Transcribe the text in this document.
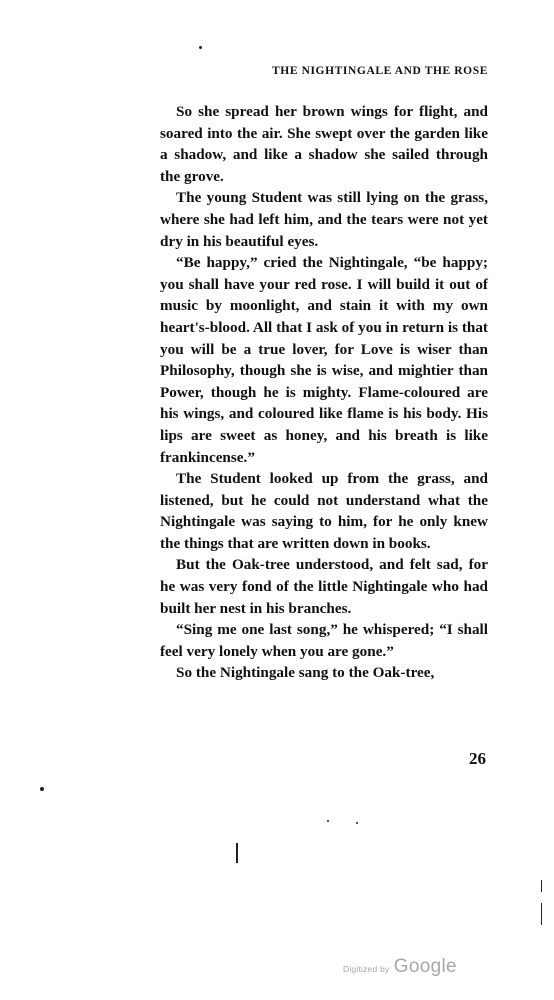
THE NIGHTINGALE AND THE ROSE

So she spread her brown wings for flight, and soared into the air. She swept over the garden like a shadow, and like a shadow she sailed through the grove.

The young Student was still lying on the grass, where she had left him, and the tears were not yet dry in his beautiful eyes.

“Be happy,” cried the Nightingale, “be happy; you shall have your red rose. I will build it out of music by moonlight, and stain it with my own heart's-blood. All that I ask of you in return is that you will be a true lover, for Love is wiser than Philosophy, though she is wise, and mightier than Power, though he is mighty. Flame-coloured are his wings, and coloured like flame is his body. His lips are sweet as honey, and his breath is like frankincense.”

The Student looked up from the grass, and listened, but he could not understand what the Nightingale was saying to him, for he only knew the things that are written down in books.

But the Oak-tree understood, and felt sad, for he was very fond of the little Nightingale who had built her nest in his branches.

“Sing me one last song,” he whispered; “I shall feel very lonely when you are gone.”

So the Nightingale sang to the Oak-tree,

26
Digitized by Google
